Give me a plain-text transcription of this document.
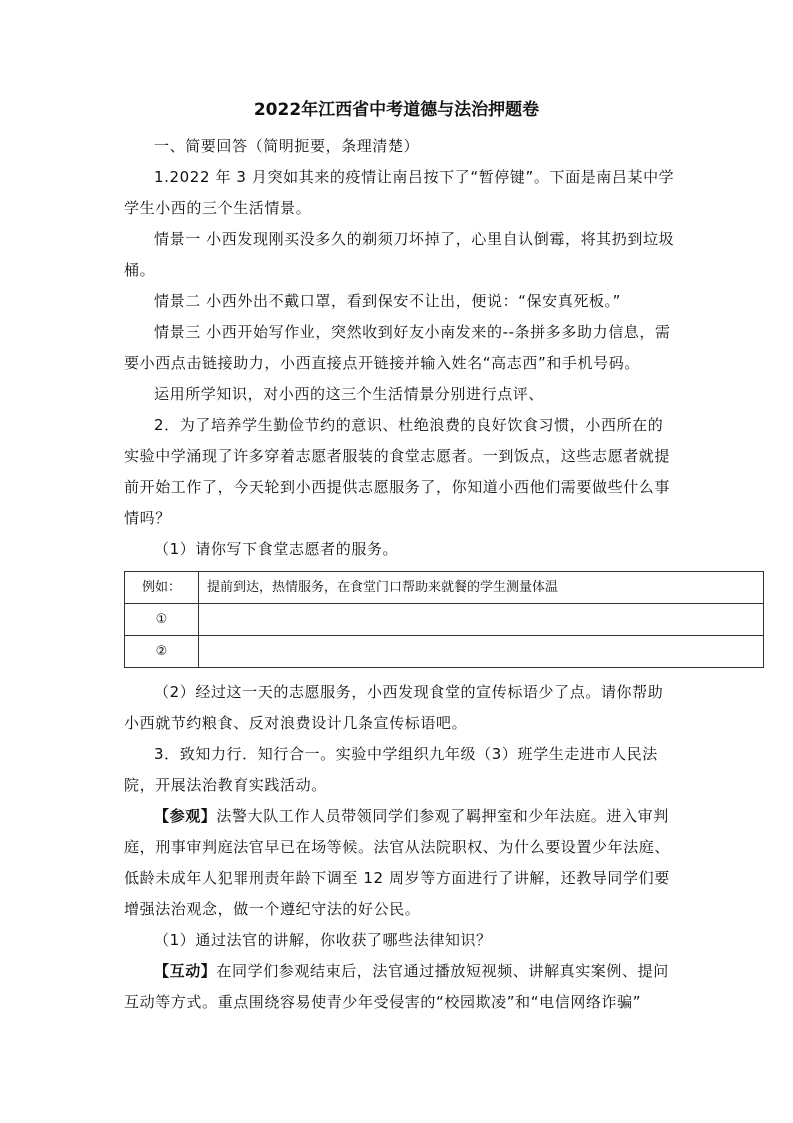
2022年江西省中考道德与法治押题卷

一、简要回答（简明扼要，条理清楚）

1.2022 年 3 月突如其来的疫情让南吕按下了“暂停键”。下面是南吕某中学学生小西的三个生活情景。

情景一 小西发现刚买没多久的剃须刀坏掉了，心里自认倒霉，将其扔到垃圾桶。

情景二 小西外出不戴口罩，看到保安不让出，便说：“保安真死板。”

情景三 小西开始写作业，突然收到好友小南发来的--条拼多多助力信息，需要小西点击链接助力，小西直接点开链接并输入姓名“高志西”和手机号码。

运用所学知识，对小西的这三个生活情景分别进行点评、

2．为了培养学生勤俭节约的意识、杜绝浪费的良好饮食习惯，小西所在的实验中学涌现了许多穿着志愿者服装的食堂志愿者。一到饭点，这些志愿者就提前开始工作了，今天轮到小西提供志愿服务了，你知道小西他们需要做些什么事情吗？

（1）请你写下食堂志愿者的服务。

例如：	提前到达，热情服务，在食堂门口帮助来就餐的学生测量体温
①	
②	

（2）经过这一天的志愿服务，小西发现食堂的宣传标语少了点。请你帮助小西就节约粮食、反对浪费设计几条宣传标语吧。

3．致知力行．知行合一。实验中学组织九年级（3）班学生走进市人民法院，开展法治教育实践活动。

【参观】法警大队工作人员带领同学们参观了羁押室和少年法庭。进入审判庭，刑事审判庭法官早已在场等候。法官从法院职权、为什么要设置少年法庭、低龄未成年人犯罪刑责年龄下调至 12 周岁等方面进行了讲解，还教导同学们要增强法治观念，做一个遵纪守法的好公民。

（1）通过法官的讲解，你收获了哪些法律知识？

【互动】在同学们参观结束后，法官通过播放短视频、讲解真实案例、提问互动等方式。重点围绕容易使青少年受侵害的“校园欺凌”和“电信网络诈骗”
